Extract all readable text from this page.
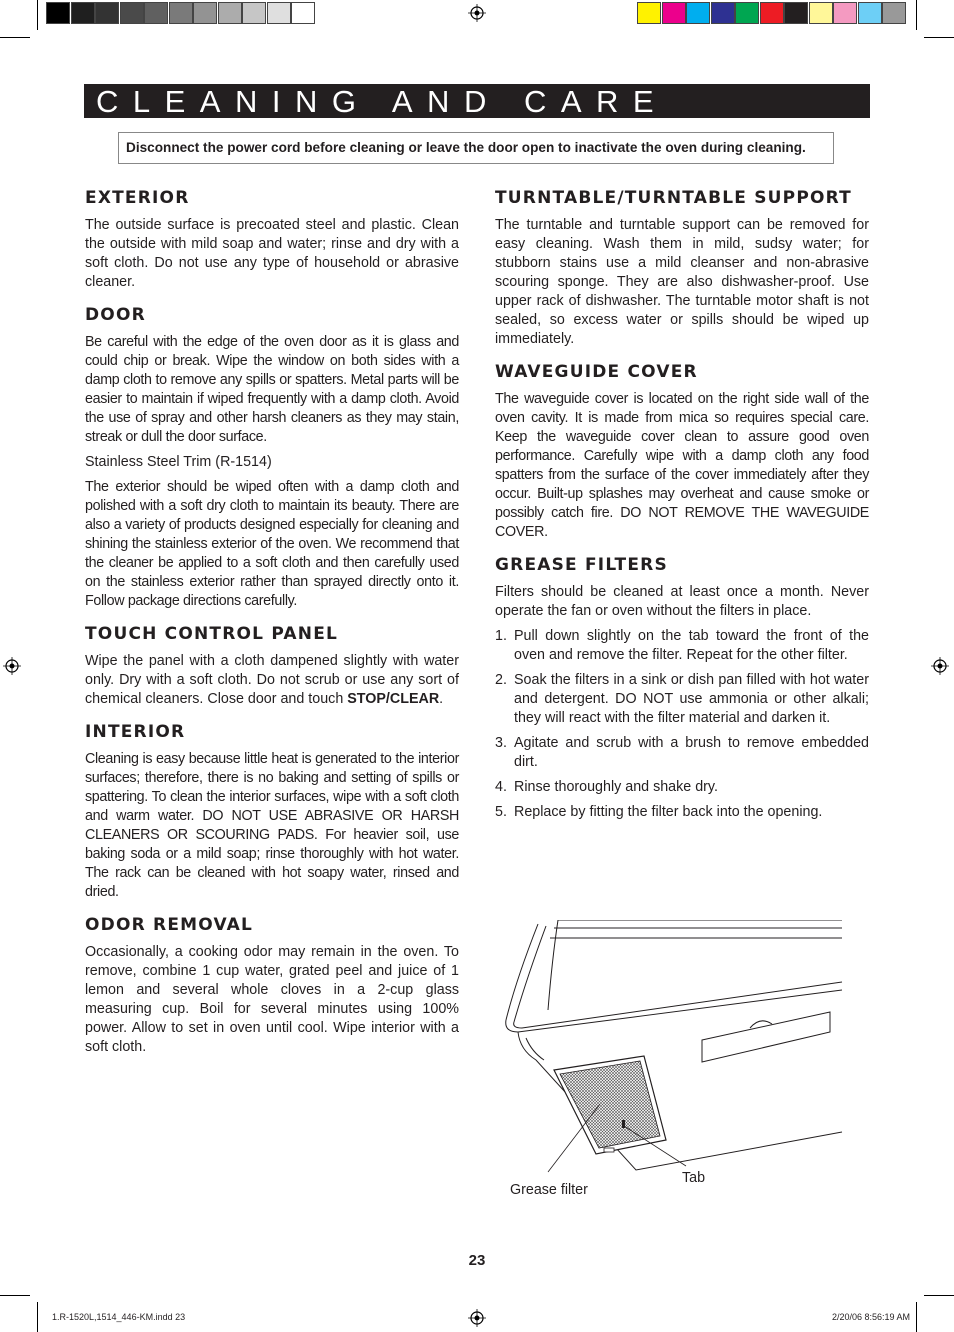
CLEANING AND CARE
Disconnect the power cord before cleaning or leave the door open to inactivate the oven during cleaning.
EXTERIOR

The outside surface is precoated steel and plastic. Clean the outside with mild soap and water; rinse and dry with a soft cloth. Do not use any type of household or abrasive cleaner.

DOOR

Be careful with the edge of the oven door as it is glass and could chip or break. Wipe the window on both sides with a damp cloth to remove any spills or spatters. Metal parts will be easier to maintain if wiped frequently with a damp cloth. Avoid the use of spray and other harsh cleaners as they may stain, streak or dull the door surface.

Stainless Steel Trim (R-1514)

The exterior should be wiped often with a damp cloth and polished with a soft dry cloth to maintain its beauty. There are also a variety of products designed especially for cleaning and shining the stainless exterior of the oven. We recommend that the cleaner be applied to a soft cloth and then carefully used on the stainless exterior rather than sprayed directly onto it. Follow package directions carefully.

TOUCH CONTROL PANEL

Wipe the panel with a cloth dampened slightly with water only. Dry with a soft cloth. Do not scrub or use any sort of chemical cleaners. Close door and touch STOP/CLEAR.

INTERIOR

Cleaning is easy because little heat is generated to the interior surfaces; therefore, there is no baking and setting of spills or spattering. To clean the interior surfaces, wipe with a soft cloth and warm water. DO NOT USE ABRASIVE OR HARSH CLEANERS OR SCOURING PADS. For heavier soil, use baking soda or a mild soap; rinse thoroughly with hot water. The rack can be cleaned with hot soapy water, rinsed and dried.

ODOR REMOVAL

Occasionally, a cooking odor may remain in the oven. To remove, combine 1 cup water, grated peel and juice of 1 lemon and several whole cloves in a 2-cup glass measuring cup. Boil for several minutes using 100% power. Allow to set in oven until cool. Wipe interior with a soft cloth.

TURNTABLE/TURNTABLE SUPPORT

The turntable and turntable support can be removed for easy cleaning. Wash them in mild, sudsy water; for stubborn stains use a mild cleanser and non-abrasive scouring sponge. They are also dishwasher-proof. Use upper rack of dishwasher. The turntable motor shaft is not sealed, so excess water or spills should be wiped up immediately.

WAVEGUIDE COVER

The waveguide cover is located on the right side wall of the oven cavity. It is made from mica so requires special care. Keep the waveguide cover clean to assure good oven performance. Carefully wipe with a damp cloth any food spatters from the surface of the cover immediately after they occur. Built-up splashes may overheat and cause smoke or possibly catch fire. DO NOT REMOVE THE WAVEGUIDE COVER.

GREASE FILTERS

Filters should be cleaned at least once a month. Never operate the fan or oven without the filters in place.

1. Pull down slightly on the tab toward the front of the oven and remove the filter. Repeat for the other filter.
2. Soak the filters in a sink or dish pan filled with hot water and detergent. DO NOT use ammonia or other alkali; they will react with the filter material and darken it.
3. Agitate and scrub with a brush to remove embedded dirt.
4. Rinse thoroughly and shake dry.
5. Replace by fitting the filter back into the opening.
Grease filter
Tab
23
1.R-1520L,1514_446-KM.indd 23	2/20/06 8:56:19 AM
